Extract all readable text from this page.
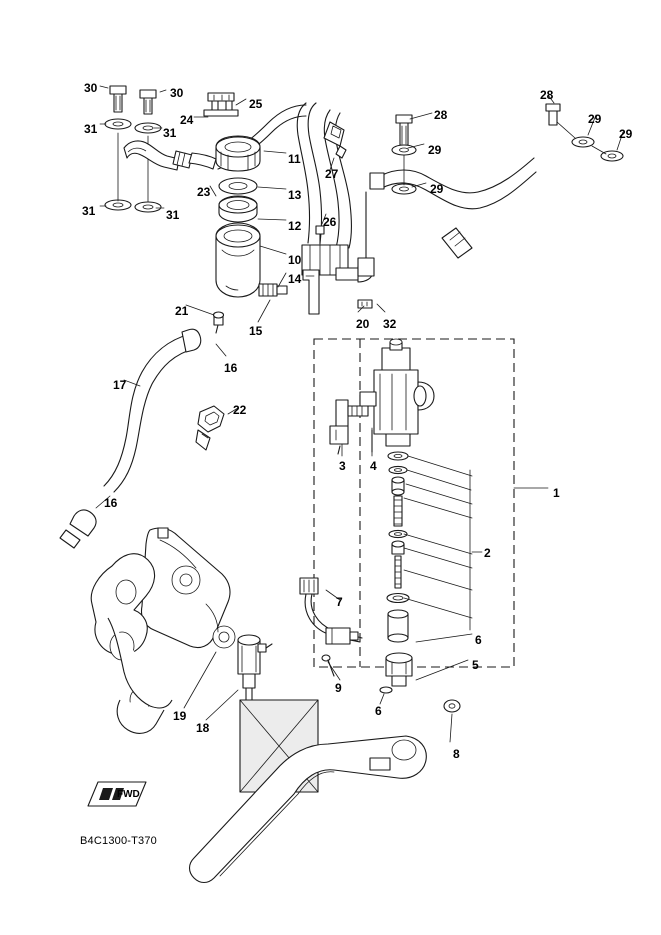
30	30
31	31
25
24	28
28
29
29
29
29
11
27
23	13
31	31
12 26
10
14
21
15	20 32
16
17
22
3 4
1
16
2
7
6
9
5
6
19
18
8
FWD
B4C1300-T370
